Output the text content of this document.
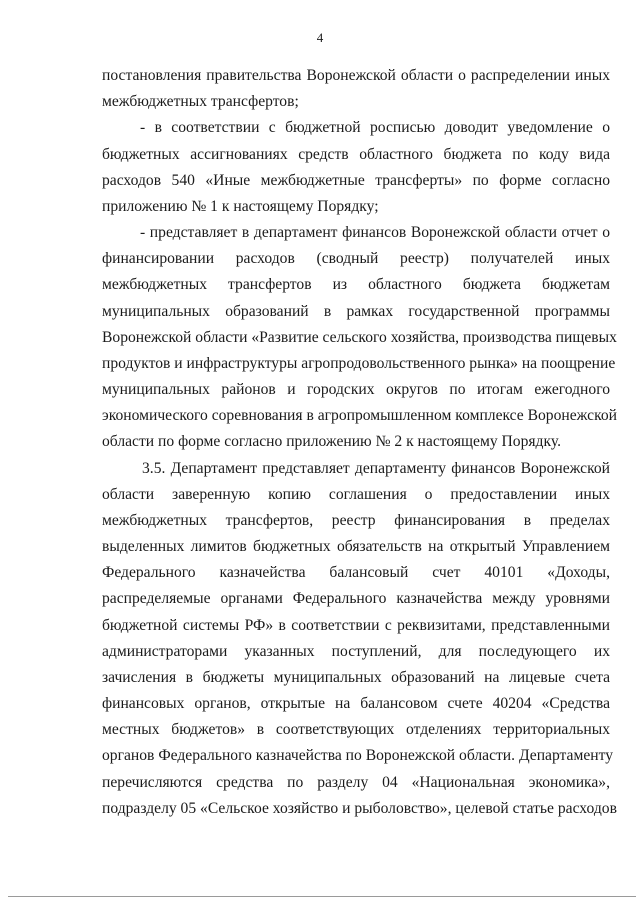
4
постановления правительства Воронежской области о распределении иных
межбюджетных трансфертов;
- в соответствии с бюджетной росписью доводит уведомление о
бюджетных ассигнованиях средств областного бюджета по коду вида
расходов 540 «Иные межбюджетные трансферты» по форме согласно
приложению № 1 к настоящему Порядку;
- представляет в департамент финансов Воронежской области отчет о
финансировании расходов (сводный реестр) получателей иных
межбюджетных трансфертов из областного бюджета бюджетам
муниципальных образований в рамках государственной программы
Воронежской области «Развитие сельского хозяйства, производства пищевых
продуктов и инфраструктуры агропродовольственного рынка» на поощрение
муниципальных районов и городских округов по итогам ежегодного
экономического соревнования в агропромышленном комплексе Воронежской
области по форме согласно приложению № 2 к настоящему Порядку.
3.5. Департамент представляет департаменту финансов Воронежской
области заверенную копию соглашения о предоставлении иных
межбюджетных трансфертов, реестр финансирования в пределах
выделенных лимитов бюджетных обязательств на открытый Управлением
Федерального казначейства балансовый счет 40101 «Доходы,
распределяемые органами Федерального казначейства между уровнями
бюджетной системы РФ» в соответствии с реквизитами, представленными
администраторами указанных поступлений, для последующего их
зачисления в бюджеты муниципальных образований на лицевые счета
финансовых органов, открытые на балансовом счете 40204 «Средства
местных бюджетов» в соответствующих отделениях территориальных
органов Федерального казначейства по Воронежской области. Департаменту
перечисляются средства по разделу 04 «Национальная экономика»,
подразделу 05 «Сельское хозяйство и рыболовство», целевой статье расходов
